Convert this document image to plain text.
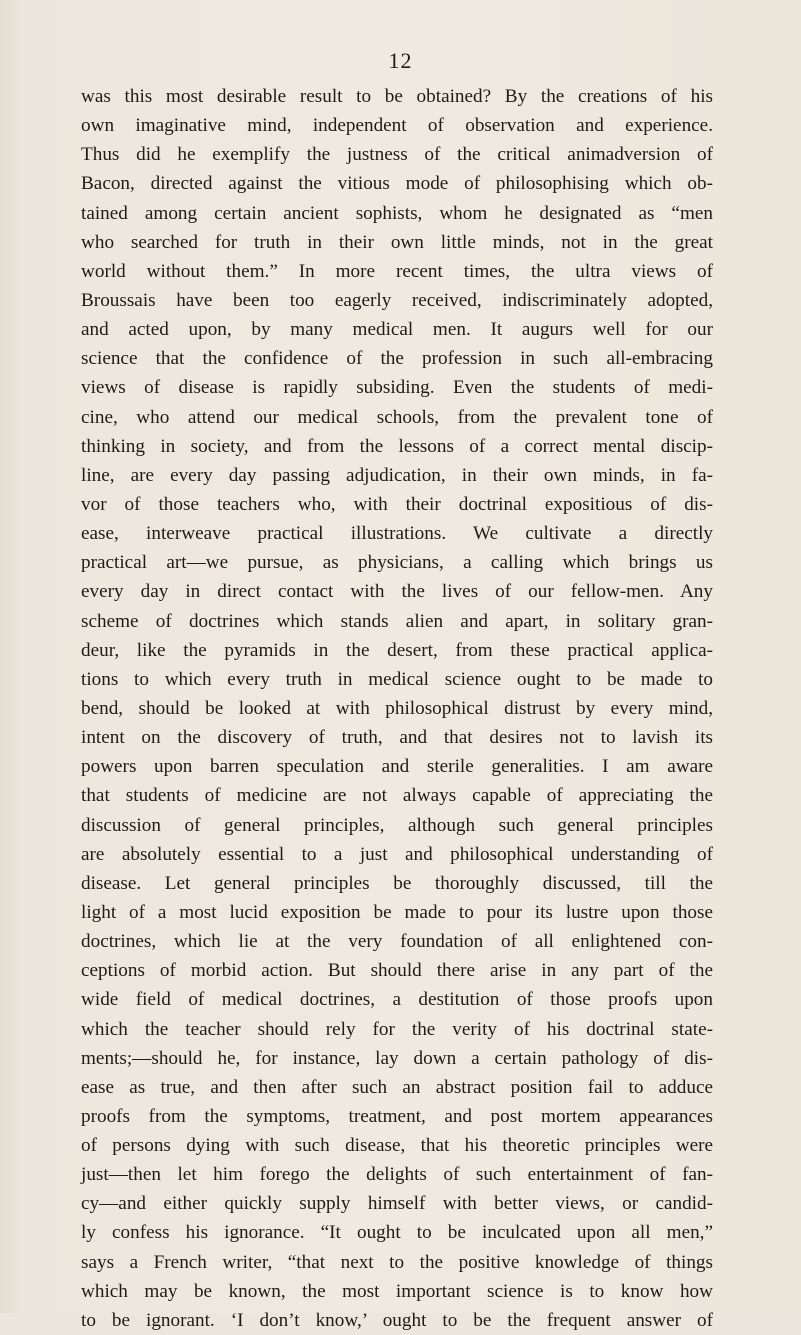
12
was this most desirable result to be obtained? By the creations of his
own imaginative mind, independent of observation and experience.
Thus did he exemplify the justness of the critical animadversion of
Bacon, directed against the vitious mode of philosophising which ob-
tained among certain ancient sophists, whom he designated as “men
who searched for truth in their own little minds, not in the great
world without them.” In more recent times, the ultra views of
Broussais have been too eagerly received, indiscriminately adopted,
and acted upon, by many medical men. It augurs well for our
science that the confidence of the profession in such all-embracing
views of disease is rapidly subsiding. Even the students of medi-
cine, who attend our medical schools, from the prevalent tone of
thinking in society, and from the lessons of a correct mental discip-
line, are every day passing adjudication, in their own minds, in fa-
vor of those teachers who, with their doctrinal expositious of dis-
ease, interweave practical illustrations. We cultivate a directly
practical art—we pursue, as physicians, a calling which brings us
every day in direct contact with the lives of our fellow-men. Any
scheme of doctrines which stands alien and apart, in solitary gran-
deur, like the pyramids in the desert, from these practical applica-
tions to which every truth in medical science ought to be made to
bend, should be looked at with philosophical distrust by every mind,
intent on the discovery of truth, and that desires not to lavish its
powers upon barren speculation and sterile generalities. I am aware
that students of medicine are not always capable of appreciating the
discussion of general principles, although such general principles
are absolutely essential to a just and philosophical understanding of
disease. Let general principles be thoroughly discussed, till the
light of a most lucid exposition be made to pour its lustre upon those
doctrines, which lie at the very foundation of all enlightened con-
ceptions of morbid action. But should there arise in any part of the
wide field of medical doctrines, a destitution of those proofs upon
which the teacher should rely for the verity of his doctrinal state-
ments;—should he, for instance, lay down a certain pathology of dis-
ease as true, and then after such an abstract position fail to adduce
proofs from the symptoms, treatment, and post mortem appearances
of persons dying with such disease, that his theoretic principles were
just—then let him forego the delights of such entertainment of fan-
cy—and either quickly supply himself with better views, or candid-
ly confess his ignorance. “It ought to be inculcated upon all men,”
says a French writer, “that next to the positive knowledge of things
which may be known, the most important science is to know how
to be ignorant. ‘I don’t know,’ ought to be the frequent answer of
